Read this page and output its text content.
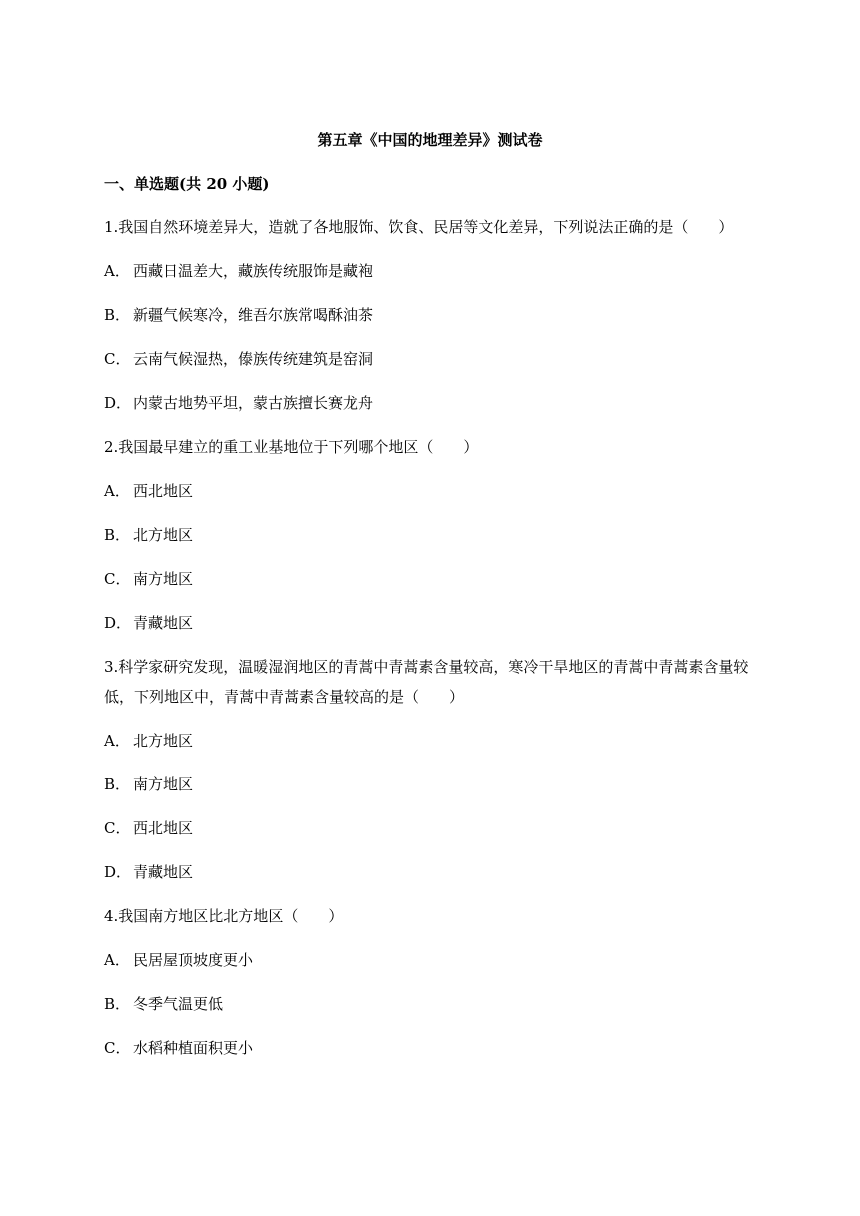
第五章《中国的地理差异》测试卷
一、单选题(共 20 小题)
1.我国自然环境差异大，造就了各地服饰、饮食、民居等文化差异，下列说法正确的是（　　）
A． 西藏日温差大，藏族传统服饰是藏袍
B． 新疆气候寒冷，维吾尔族常喝酥油茶
C． 云南气候湿热，傣族传统建筑是窑洞
D． 内蒙古地势平坦，蒙古族擅长赛龙舟
2.我国最早建立的重工业基地位于下列哪个地区（　　）
A． 西北地区
B． 北方地区
C． 南方地区
D． 青藏地区
3.科学家研究发现，温暖湿润地区的青蒿中青蒿素含量较高，寒冷干旱地区的青蒿中青蒿素含量较
低，下列地区中，青蒿中青蒿素含量较高的是（　　）
A． 北方地区
B． 南方地区
C． 西北地区
D． 青藏地区
4.我国南方地区比北方地区（　　）
A． 民居屋顶坡度更小
B． 冬季气温更低
C． 水稻种植面积更小
